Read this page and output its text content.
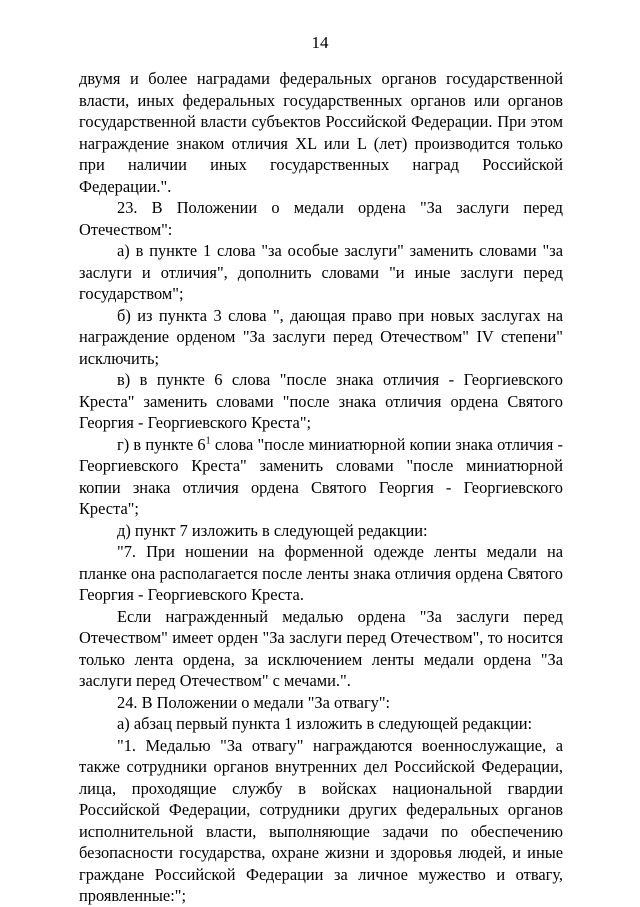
14

двумя и более наградами федеральных органов государственной власти, иных федеральных государственных органов или органов государственной власти субъектов Российской Федерации. При этом награждение знаком отличия XL или L (лет) производится только при наличии иных государственных наград Российской Федерации.".

23. В Положении о медали ордена "За заслуги перед Отечеством":

а) в пункте 1 слова "за особые заслуги" заменить словами "за заслуги и отличия", дополнить словами "и иные заслуги перед государством";

б) из пункта 3 слова ", дающая право при новых заслугах на награждение орденом "За заслуги перед Отечеством" IV степени" исключить;

в) в пункте 6 слова "после знака отличия - Георгиевского Креста" заменить словами "после знака отличия ордена Святого Георгия - Георгиевского Креста";

г) в пункте $6^1$ слова "после миниатюрной копии знака отличия - Георгиевского Креста" заменить словами "после миниатюрной копии знака отличия ордена Святого Георгия - Георгиевского Креста";

д) пункт 7 изложить в следующей редакции:

"7. При ношении на форменной одежде ленты медали на планке она располагается после ленты знака отличия ордена Святого Георгия - Георгиевского Креста.

Если награжденный медалью ордена "За заслуги перед Отечеством" имеет орден "За заслуги перед Отечеством", то носится только лента ордена, за исключением ленты медали ордена "За заслуги перед Отечеством" с мечами.".

24. В Положении о медали "За отвагу":

а) абзац первый пункта 1 изложить в следующей редакции:

"1. Медалью "За отвагу" награждаются военнослужащие, а также сотрудники органов внутренних дел Российской Федерации, лица, проходящие службу в войсках национальной гвардии Российской Федерации, сотрудники других федеральных органов исполнительной власти, выполняющие задачи по обеспечению безопасности государства, охране жизни и здоровья людей, и иные граждане Российской Федерации за личное мужество и отвагу, проявленные:";
